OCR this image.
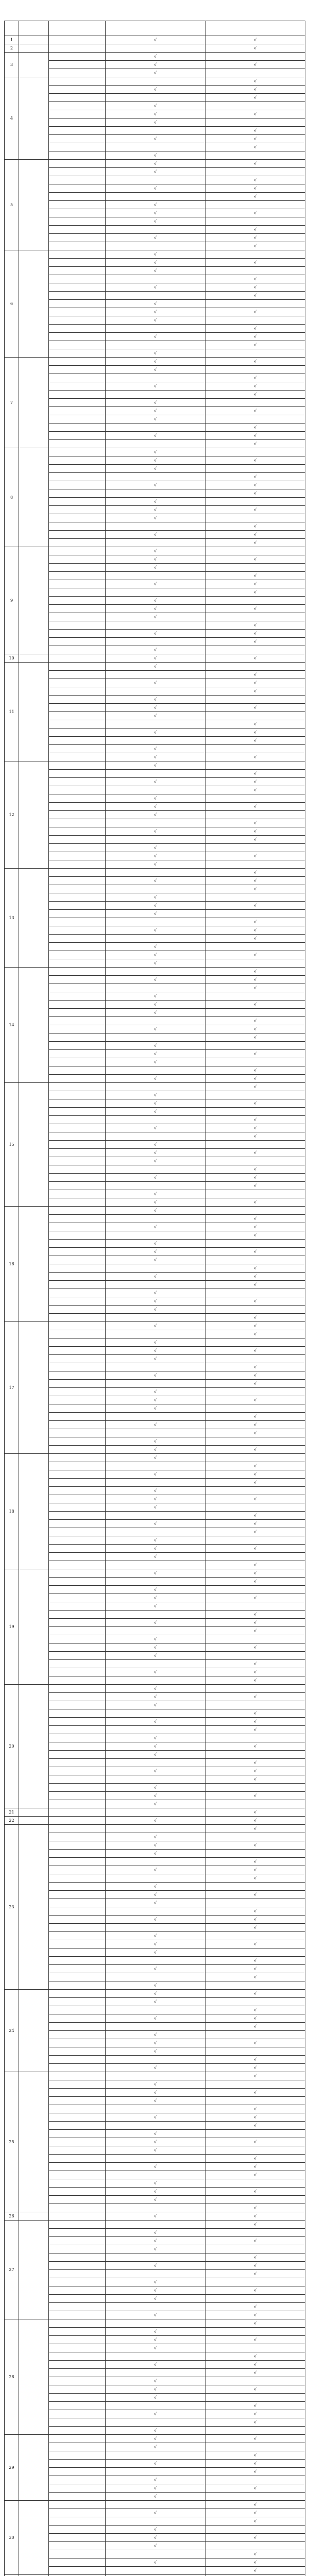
1			√	√
2				√
3			√	
			√	√
			√	
4				√
			√	√
				√
			√	
			√	√
			√	
				√
			√	√
				√
			√	
5			√	√
			√	
				√
			√	√
				√
			√	
			√	√
			√	
				√
			√	√
				√
6			√	
			√	√
			√	
				√
			√	√
				√
			√	
			√	√
			√	
				√
			√	√
				√
			√	
7			√	√
			√	
				√
			√	√
				√
			√	
			√	√
			√	
				√
			√	√
				√
8			√	
			√	√
			√	
				√
			√	√
				√
			√	
			√	√
			√	
				√
			√	√
				√
9			√	
			√	√
			√	
				√
			√	√
				√
			√	
			√	√
			√	
				√
			√	√
				√
			√	
10			√	√
11			√	
				√
			√	√
				√
			√	
			√	√
			√	
				√
			√	√
				√
			√	
			√	√
12			√	
				√
			√	√
				√
			√	
			√	√
			√	
				√
			√	√
				√
			√	
			√	√
			√	
13				√
			√	√
				√
			√	
			√	√
			√	
				√
			√	√
				√
			√	
			√	√
			√	
14				√
			√	√
				√
			√	
			√	√
			√	
				√
			√	√
				√
			√	
			√	√
			√	
				√
			√	√
15				√
			√	
			√	√
			√	
				√
			√	√
				√
			√	
			√	√
			√	
				√
			√	√
				√
			√	
			√	√
16			√	
				√
			√	√
				√
			√	
			√	√
			√	
				√
			√	√
				√
			√	
			√	√
			√	
				√
17			√	√
				√
			√	
			√	√
			√	
				√
			√	√
				√
			√	
			√	√
			√	
				√
			√	√
				√
			√	
			√	√
18			√	
				√
			√	√
				√
			√	
			√	√
			√	
				√
			√	√
				√
			√	
			√	√
			√	
				√
19			√	√
				√
			√	
			√	√
			√	
				√
			√	√
				√
			√	
			√	√
			√	
				√
			√	√
				√
20			√	
			√	√
			√	
				√
			√	√
				√
			√	
			√	√
			√	
				√
			√	√
				√
			√	
			√	√
			√	
21				√
22			√	√
23				√
			√	
			√	√
			√	
				√
			√	√
				√
			√	
			√	√
			√	
				√
			√	√
				√
			√	
			√	√
			√	
				√
			√	√
				√
			√	
24			√	√
			√	
				√
			√	√
				√
			√	
			√	√
			√	
				√
			√	√
25				√
			√	
			√	√
			√	
				√
			√	√
				√
			√	
			√	√
			√	
				√
			√	√
				√
			√	
			√	√
			√	
				√
26			√	√
27				√
			√	
			√	√
			√	
				√
			√	√
				√
			√	
			√	√
			√	
				√
			√	√
28				√
			√	
			√	√
			√	
				√
			√	√
				√
			√	
			√	√
			√	
				√
			√	√
				√
			√	
29			√	√
			√	
				√
			√	√
				√
			√	
			√	√
			√	
30				√
			√	√
				√
			√	
			√	√
			√	
				√
			√	√
				√
